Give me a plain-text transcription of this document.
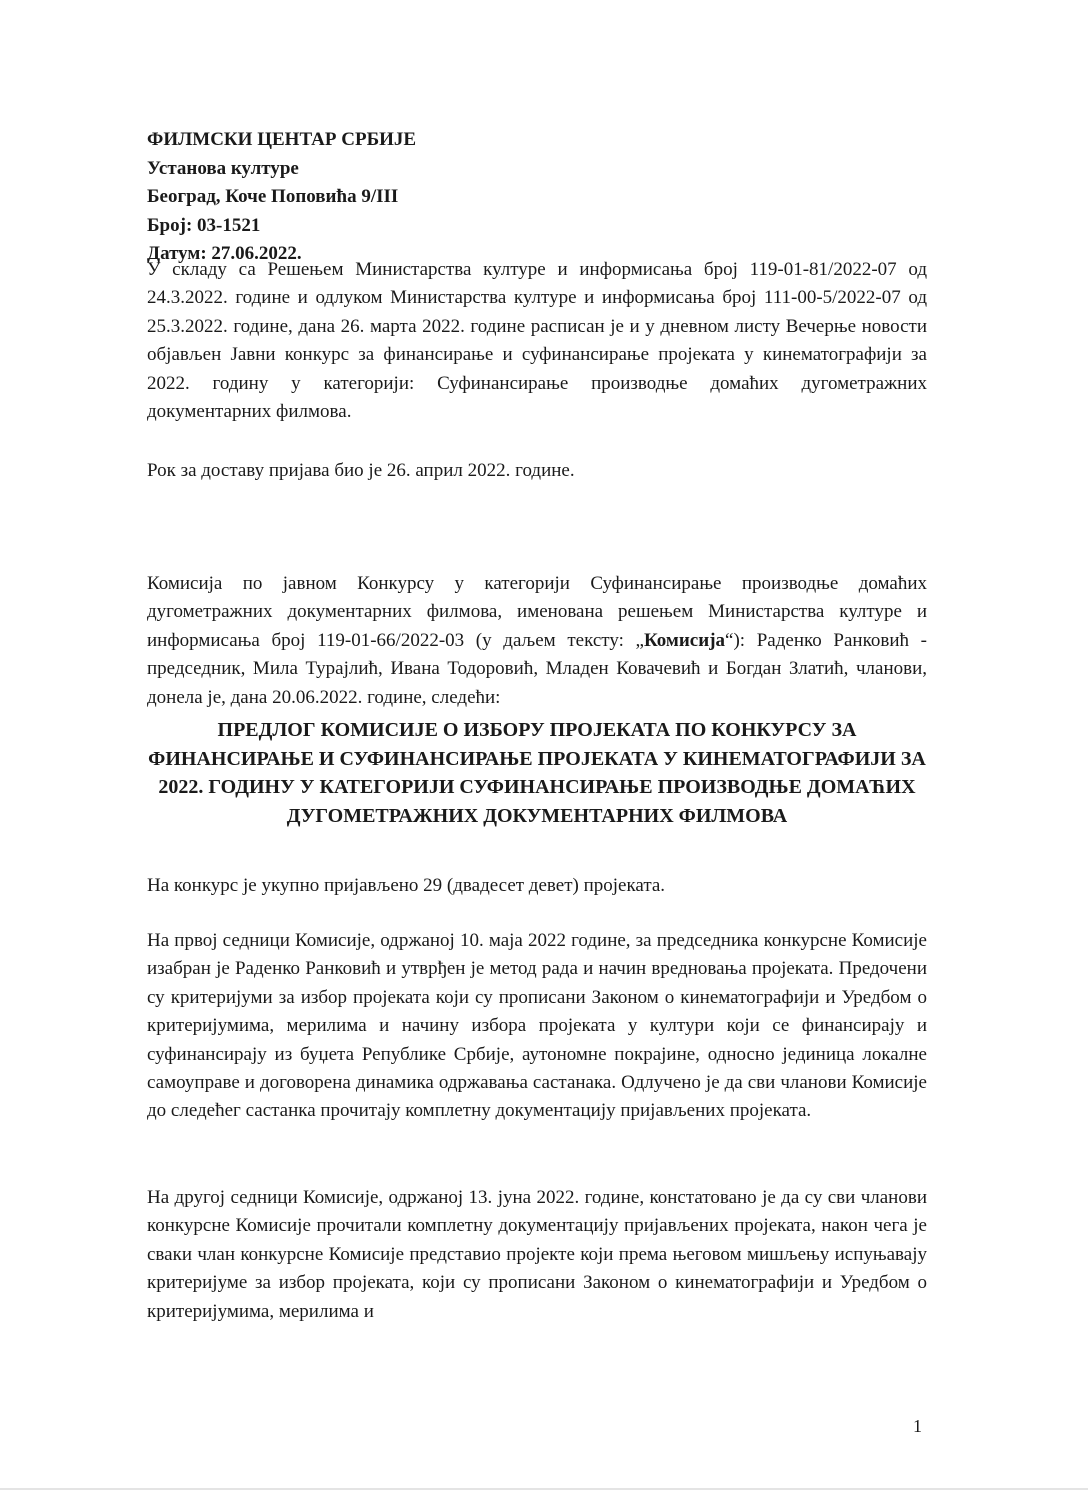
ФИЛМСКИ ЦЕНТАР СРБИЈЕ
Установа културе
Београд, Коче Поповића 9/III
Број: 03-1521
Датум: 27.06.2022.

У складу са Решењем Министарства културе и информисања број 119-01-81/2022-07 од 24.3.2022. године и одлуком Министарства културе и информисања број 111-00-5/2022-07 од 25.3.2022. године, дана 26. марта 2022. године расписан је и у дневном листу Вечерње новости објављен Јавни конкурс за финансирање и суфинансирање пројеката у кинематографији за 2022. годину у категорији: Суфинансирање производње домаћих дугометражних документарних филмова.

Рок за доставу пријава био је 26. април 2022. године.

Комисија по јавном Конкурсу у категорији Суфинансирање производње домаћих дугометражних документарних филмова, именована решењем Министарства културе и информисања број 119-01-66/2022-03 (у даљем тексту: „Комисија“): Раденко Ранковић - председник, Мила Турајлић, Ивана Тодоровић, Младен Ковачевић и Богдан Златић, чланови, донела је, дана 20.06.2022. године, следећи:

ПРЕДЛОГ КОМИСИЈЕ О ИЗБОРУ ПРОЈЕКАТА ПО КОНКУРСУ ЗА ФИНАНСИРАЊЕ И СУФИНАНСИРАЊЕ ПРОЈЕКАТА У КИНЕМАТОГРАФИЈИ ЗА 2022. ГОДИНУ У КАТЕГОРИЈИ СУФИНАНСИРАЊЕ ПРОИЗВОДЊЕ ДОМАЋИХ ДУГОМЕТРАЖНИХ ДОКУМЕНТАРНИХ ФИЛМОВА

На конкурс је укупно пријављено 29 (двадесет девет) пројеката.

На првој седници Комисије, одржаној 10. маја 2022 године, за председника конкурсне Комисије изабран је Раденко Ранковић и утврђен је метод рада и начин вредновања пројеката. Предочени су критеријуми за избор пројеката који су прописани Законом о кинематографији и Уредбом о критеријумима, мерилима и начину избора пројеката у култури који се финансирају и суфинансирају из буџета Републике Србије, аутономне покрајине, односно јединица локалне самоуправе и договорена динамика одржавања састанака. Одлучено је да сви чланови Комисије до следећег састанка прочитају комплетну документацију пријављених пројеката.

На другој седници Комисије, одржаној 13. јуна 2022. године, констатовано је да су сви чланови конкурсне Комисије прочитали комплетну документацију пријављених пројеката, након чега је сваки члан конкурсне Комисије представио пројекте који према његовом мишљењу испуњавају критеријуме за избор пројеката, који су прописани Законом о кинематографији и Уредбом о критеријумима, мерилима и

1
